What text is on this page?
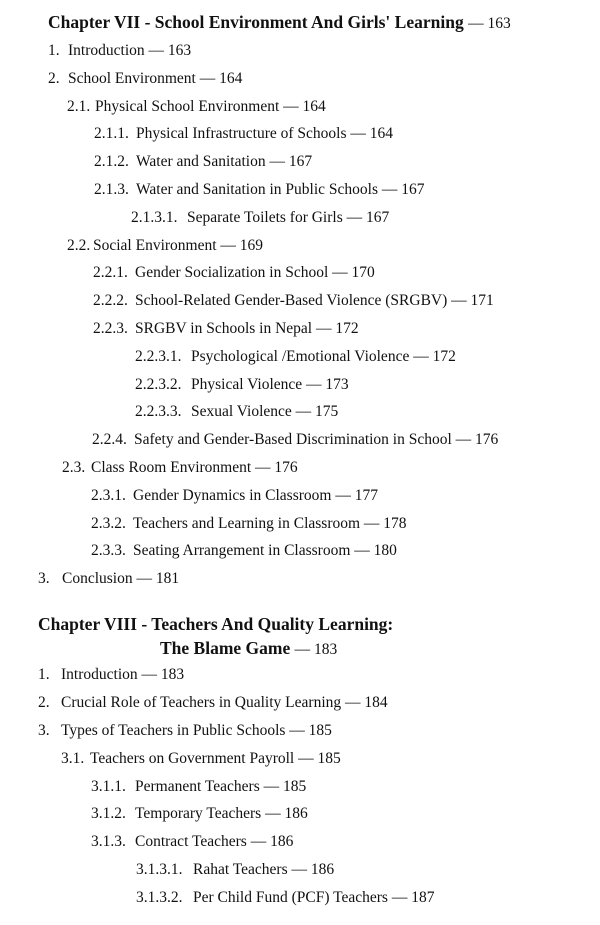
Chapter VII - School Environment And Girls' Learning — 163
1. Introduction — 163
2. School Environment — 164
2.1. Physical School Environment — 164
2.1.1. Physical Infrastructure of Schools — 164
2.1.2. Water and Sanitation — 167
2.1.3. Water and Sanitation in Public Schools — 167
2.1.3.1. Separate Toilets for Girls — 167
2.2. Social Environment — 169
2.2.1. Gender Socialization in School — 170
2.2.2. School-Related Gender-Based Violence (SRGBV) — 171
2.2.3. SRGBV in Schools in Nepal — 172
2.2.3.1. Psychological /Emotional Violence — 172
2.2.3.2. Physical Violence — 173
2.2.3.3. Sexual Violence — 175
2.2.4. Safety and Gender-Based Discrimination in School — 176
2.3. Class Room Environment — 176
2.3.1. Gender Dynamics in Classroom — 177
2.3.2. Teachers and Learning in Classroom — 178
2.3.3. Seating Arrangement in Classroom — 180
3. Conclusion — 181
Chapter VIII - Teachers And Quality Learning:
The Blame Game — 183
1. Introduction — 183
2. Crucial Role of Teachers in Quality Learning — 184
3. Types of Teachers in Public Schools — 185
3.1. Teachers on Government Payroll — 185
3.1.1. Permanent Teachers — 185
3.1.2. Temporary Teachers — 186
3.1.3. Contract Teachers — 186
3.1.3.1. Rahat Teachers — 186
3.1.3.2. Per Child Fund (PCF) Teachers — 187
